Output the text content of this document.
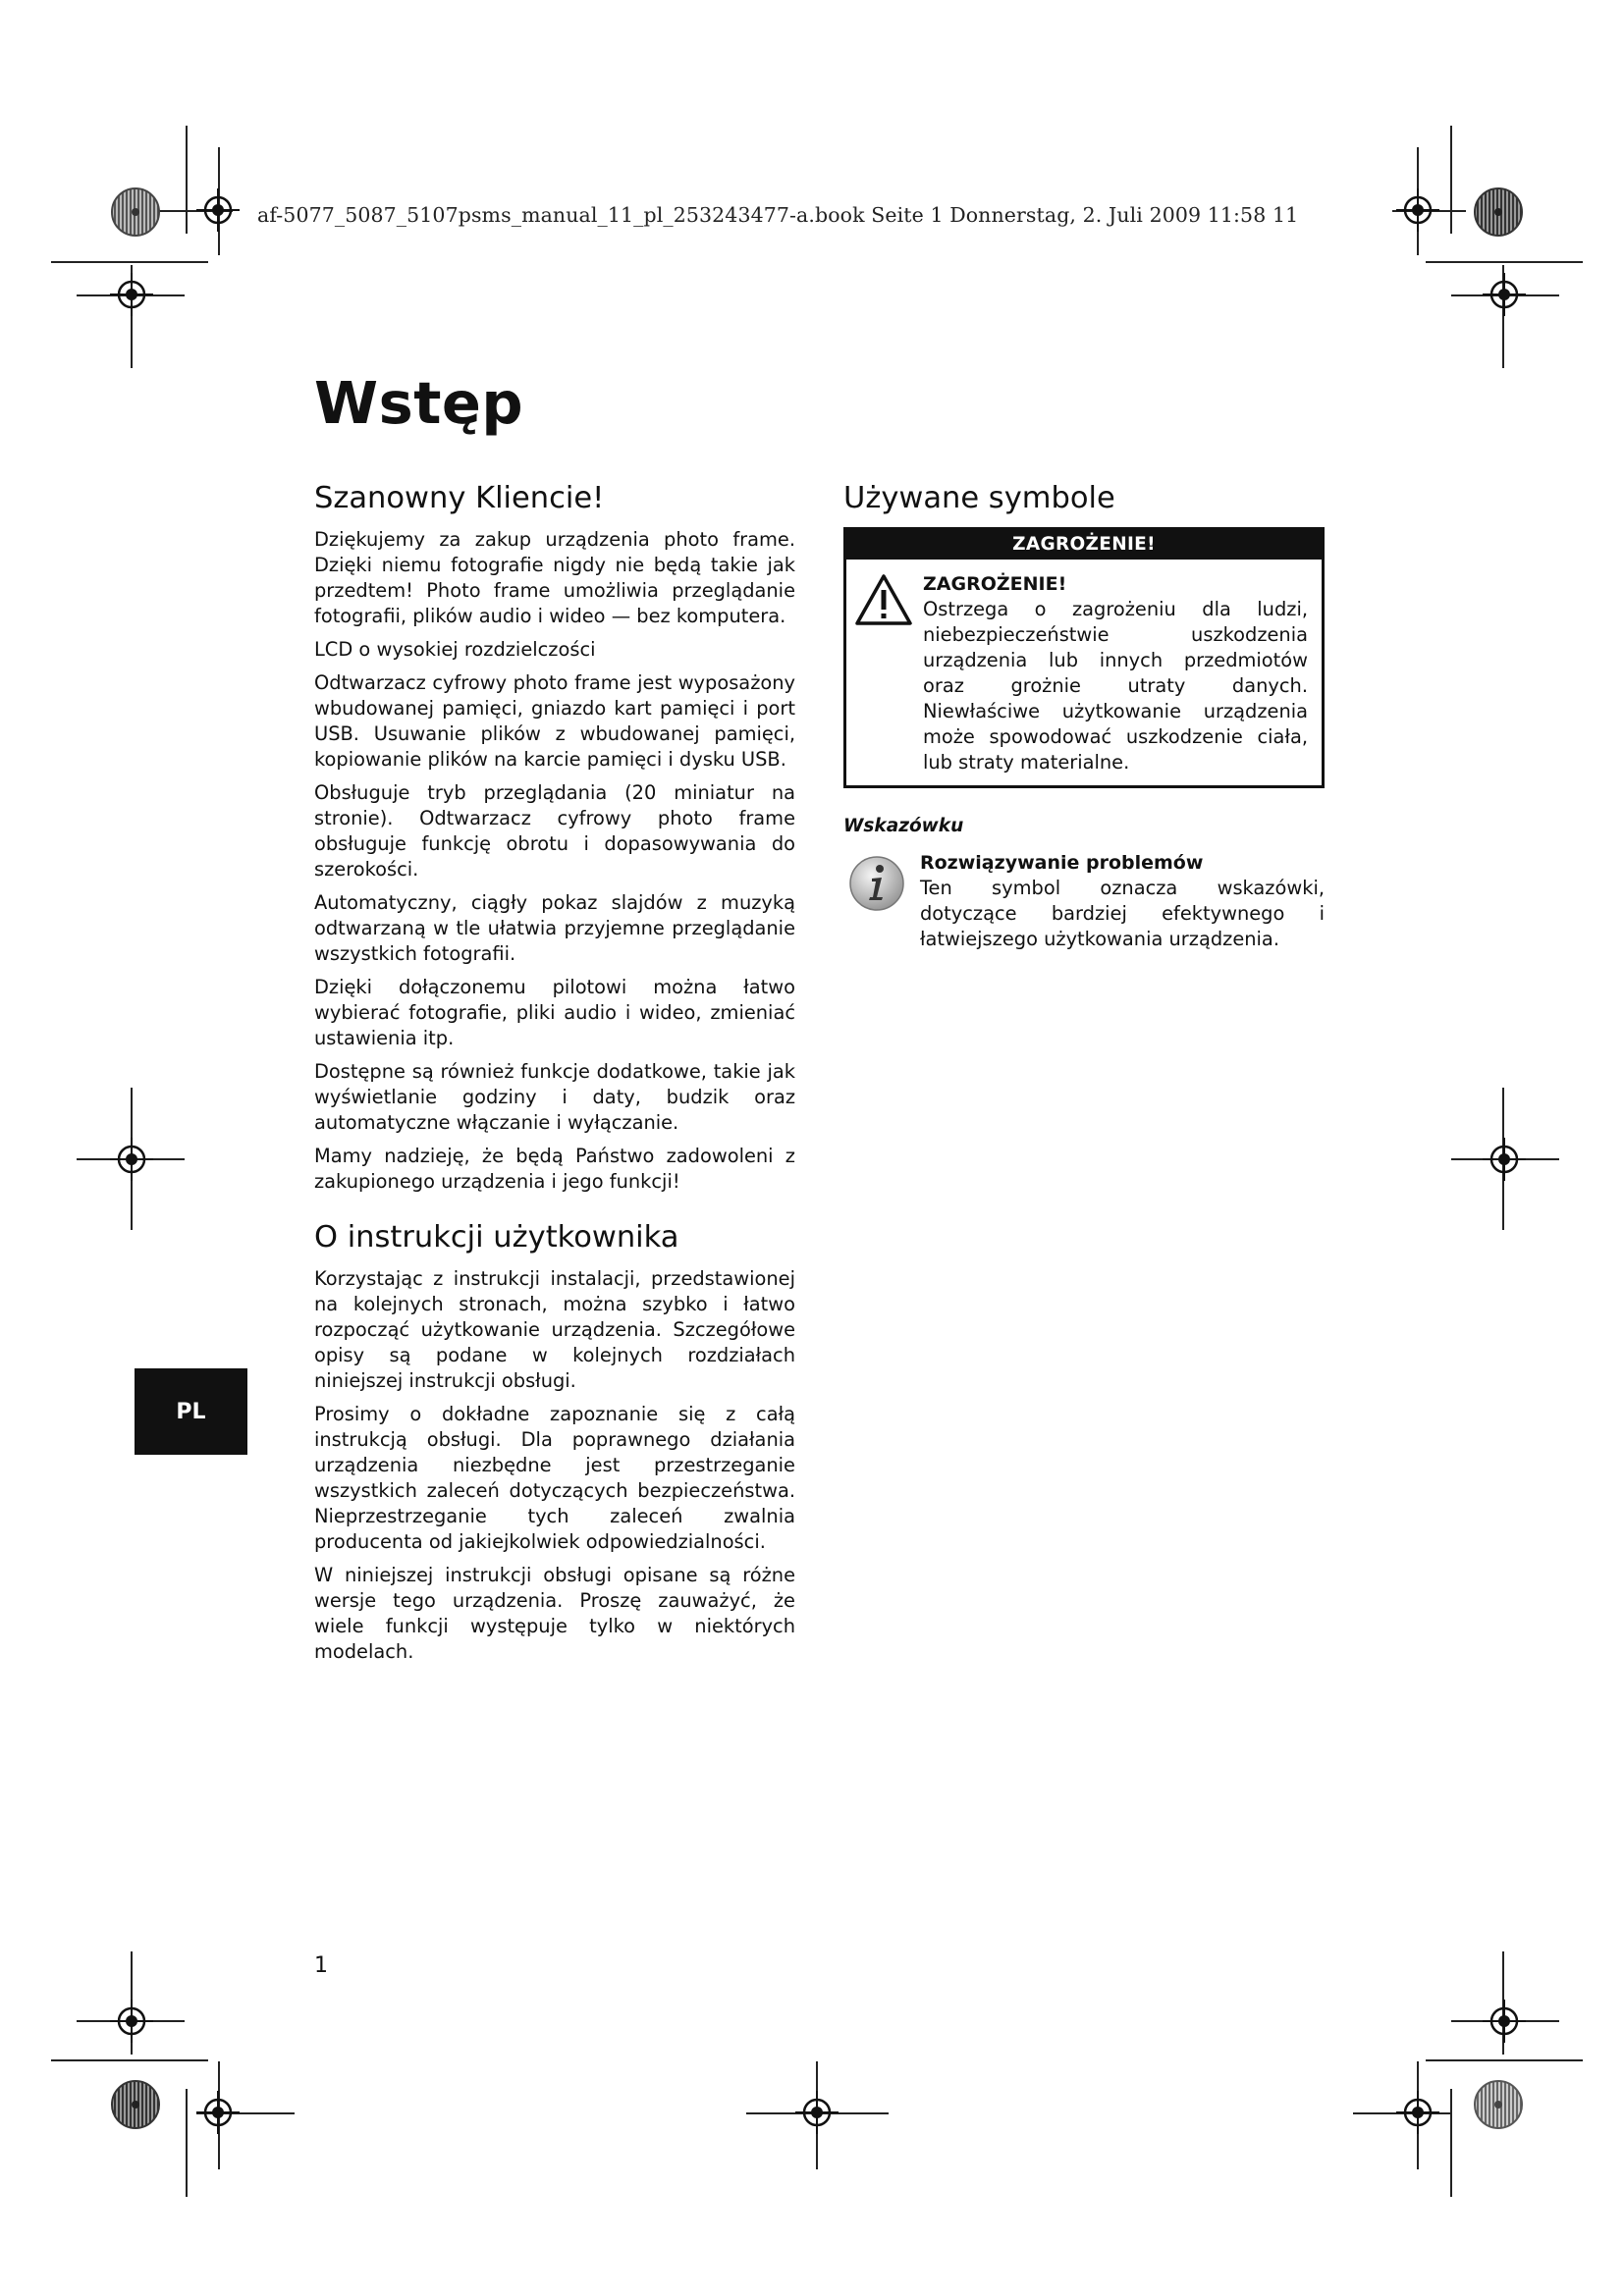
af-5077_5087_5107psms_manual_11_pl_253243477-a.book Seite 1 Donnerstag, 2. Juli 2009 11:58 11
Wstęp
Szanowny Kliencie!

Dziękujemy za zakup urządzenia photo frame. Dzięki niemu fotografie nigdy nie będą takie jak przedtem! Photo frame umożliwia przeglądanie fotografii, plików audio i wideo — bez komputera.

LCD o wysokiej rozdzielczości

Odtwarzacz cyfrowy photo frame jest wyposażony wbudowanej pamięci, gniazdo kart pamięci i port USB. Usuwanie plików z wbudowanej pamięci, kopiowanie plików na karcie pamięci i dysku USB.

Obsługuje tryb przeglądania (20 miniatur na stronie). Odtwarzacz cyfrowy photo frame obsługuje funkcję obrotu i dopasowywania do szerokości.

Automatyczny, ciągły pokaz slajdów z muzyką odtwarzaną w tle ułatwia przyjemne przeglądanie wszystkich fotografii.

Dzięki dołączonemu pilotowi można łatwo wybierać fotografie, pliki audio i wideo, zmieniać ustawienia itp.

Dostępne są również funkcje dodatkowe, takie jak wyświetlanie godziny i daty, budzik oraz automatyczne włączanie i wyłączanie.

Mamy nadzieję, że będą Państwo zadowoleni z zakupionego urządzenia i jego funkcji!

O instrukcji użytkownika

Korzystając z instrukcji instalacji, przedstawionej na kolejnych stronach, można szybko i łatwo rozpocząć użytkowanie urządzenia. Szczegółowe opisy są podane w kolejnych rozdziałach niniejszej instrukcji obsługi.

Prosimy o dokładne zapoznanie się z całą instrukcją obsługi. Dla poprawnego działania urządzenia niezbędne jest przestrzeganie wszystkich zaleceń dotyczących bezpieczeństwa. Nieprzestrzeganie tych zaleceń zwalnia producenta od jakiejkolwiek odpowiedzialności.

W niniejszej instrukcji obsługi opisane są różne wersje tego urządzenia. Proszę zauważyć, że wiele funkcji występuje tylko w niektórych modelach.

Używane symbole
ZAGROŻENIE!
ZAGROŻENIE!
Ostrzega o zagrożeniu dla ludzi, niebezpieczeństwie uszkodzenia urządzenia lub innych przedmiotów oraz grożnie utraty danych. Niewłaściwe użytkowanie urządzenia może spowodować uszkodzenie ciała, lub straty materialne.
Wskazówku
Rozwiązywanie problemów
Ten symbol oznacza wskazówki, dotyczące bardziej efektywnego i łatwiejszego użytkowania urządzenia.
PL
1
